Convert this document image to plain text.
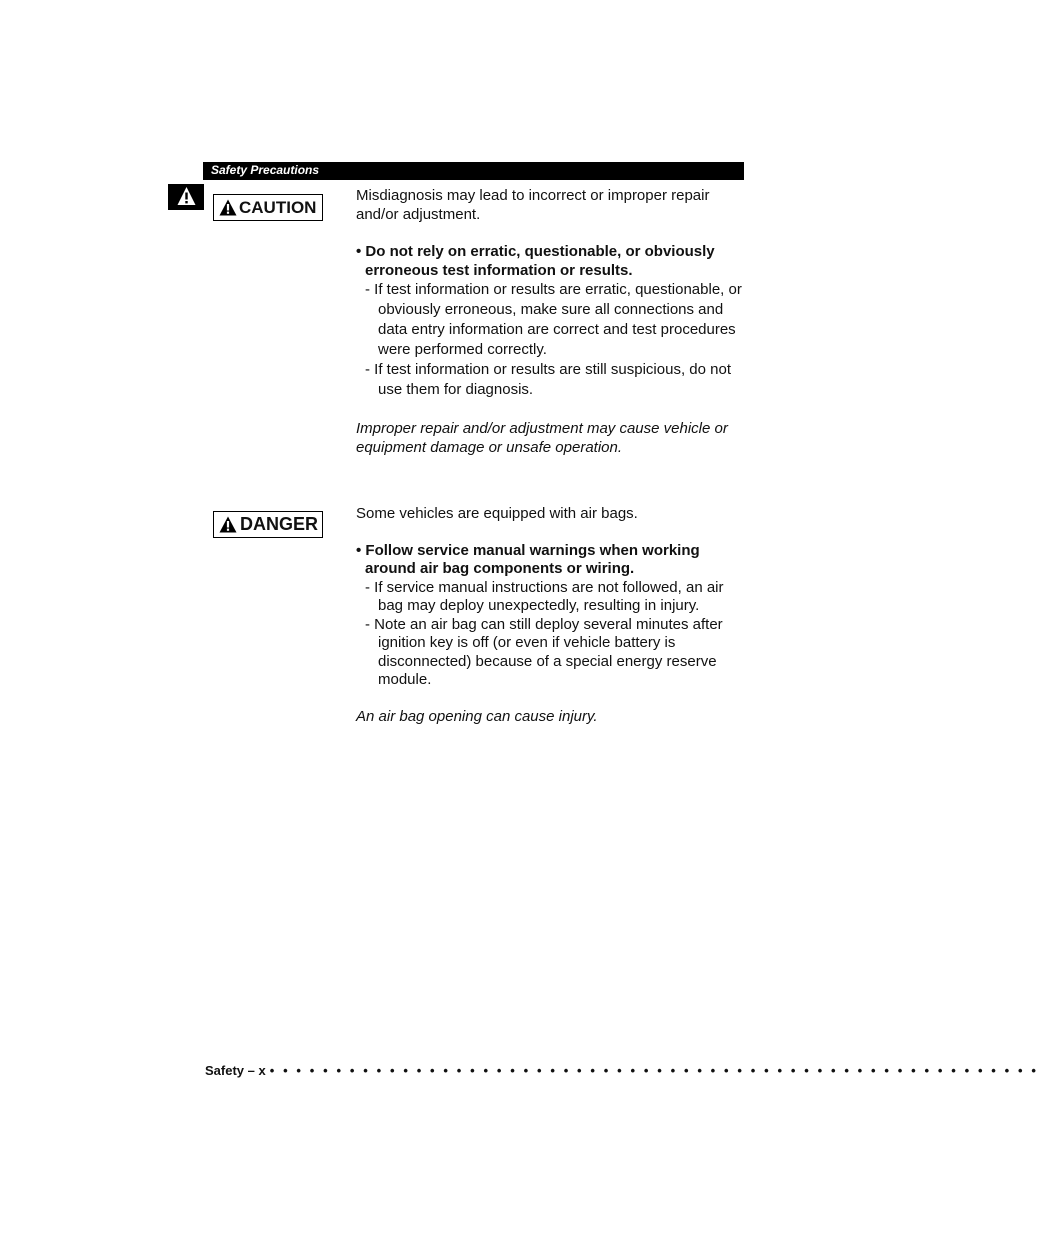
Safety Precautions
CAUTION

Misdiagnosis may lead to incorrect or improper repair and/or adjustment.

• Do not rely on erratic, questionable, or obviously erroneous test information or results.

- If test information or results are erratic, questionable, or obviously erroneous, make sure all connections and data entry information are correct and test procedures were performed correctly.

- If test information or results are still suspicious, do not use them for diagnosis.

Improper repair and/or adjustment may cause vehicle or equipment damage or unsafe operation.

DANGER

Some vehicles are equipped with air bags.

• Follow service manual warnings when working around air bag components or wiring.

- If service manual instructions are not followed, an air bag may deploy unexpectedly, resulting in injury.

- Note an air bag can still deploy several minutes after ignition key is off (or even if vehicle battery is disconnected) because of a special energy reserve module.

An air bag opening can cause injury.

Safety – x • • • • • • • • • • • • • • • • • • • • • • • • • • • • • • • • • • • • • • • • • • • • • • • • • • • • • • • • • •
